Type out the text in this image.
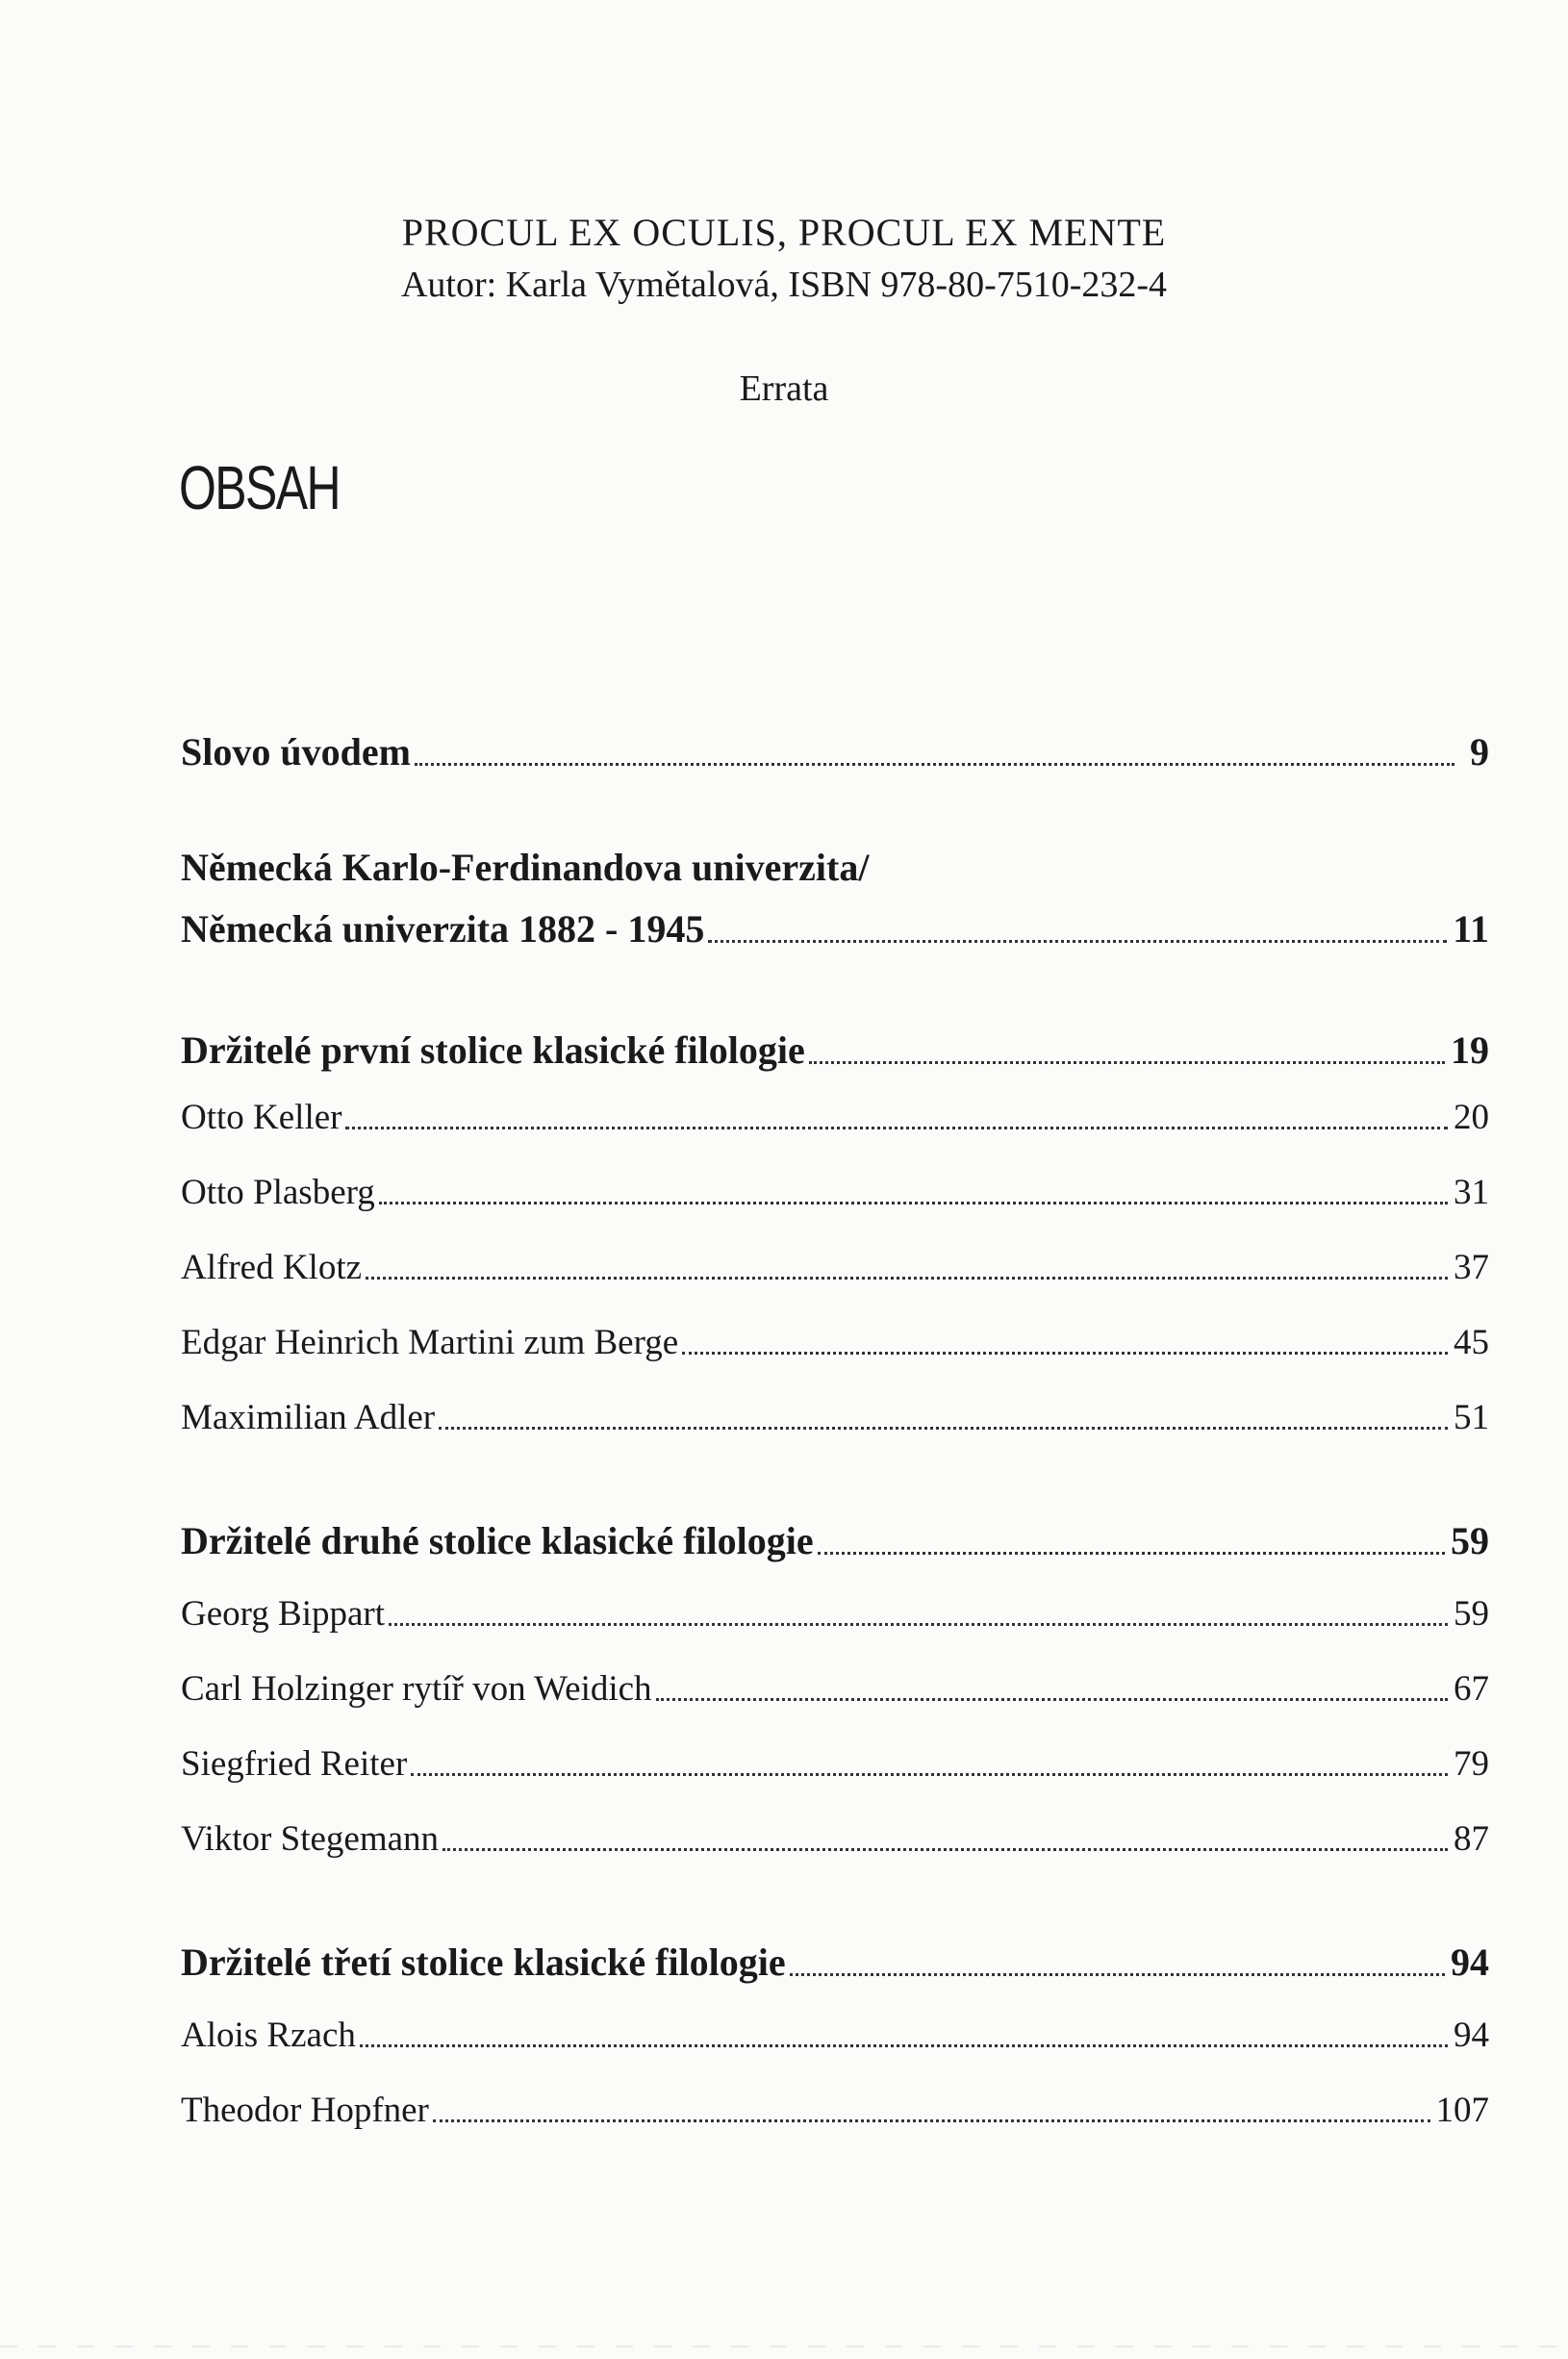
PROCUL EX OCULIS, PROCUL EX MENTE
Autor: Karla Vymětalová, ISBN 978-80-7510-232-4
Errata
OBSAH
Slovo úvodem	9
Německá Karlo-Ferdinandova univerzita/
Německá univerzita 1882 - 1945	11
Držitelé první stolice klasické filologie	19
Otto Keller	20
Otto Plasberg	31
Alfred Klotz	37
Edgar Heinrich Martini zum Berge	45
Maximilian Adler	51
Držitelé druhé stolice klasické filologie	59
Georg Bippart	59
Carl Holzinger rytíř von Weidich	67
Siegfried Reiter	79
Viktor Stegemann	87
Držitelé třetí stolice klasické filologie	94
Alois Rzach	94
Theodor Hopfner	107
